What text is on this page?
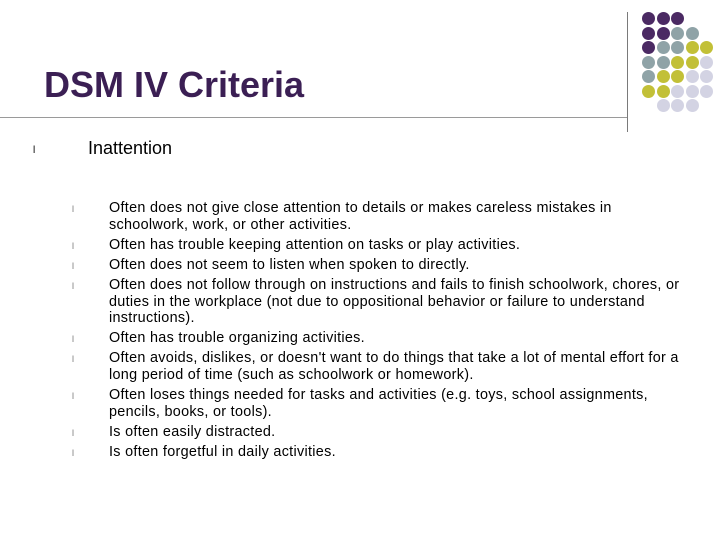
DSM IV Criteria
l	Inattention
l Often does not give close attention to details or makes careless mistakes in schoolwork, work, or other activities.
l Often has trouble keeping attention on tasks or play activities.
l Often does not seem to listen when spoken to directly.
l Often does not follow through on instructions and fails to finish schoolwork, chores, or duties in the workplace (not due to oppositional behavior or failure to understand instructions).
l Often has trouble organizing activities.
l Often avoids, dislikes, or doesn't want to do things that take a lot of mental effort for a long period of time (such as schoolwork or homework).
l Often loses things needed for tasks and activities (e.g. toys, school assignments, pencils, books, or tools).
l Is often easily distracted.
l Is often forgetful in daily activities.
